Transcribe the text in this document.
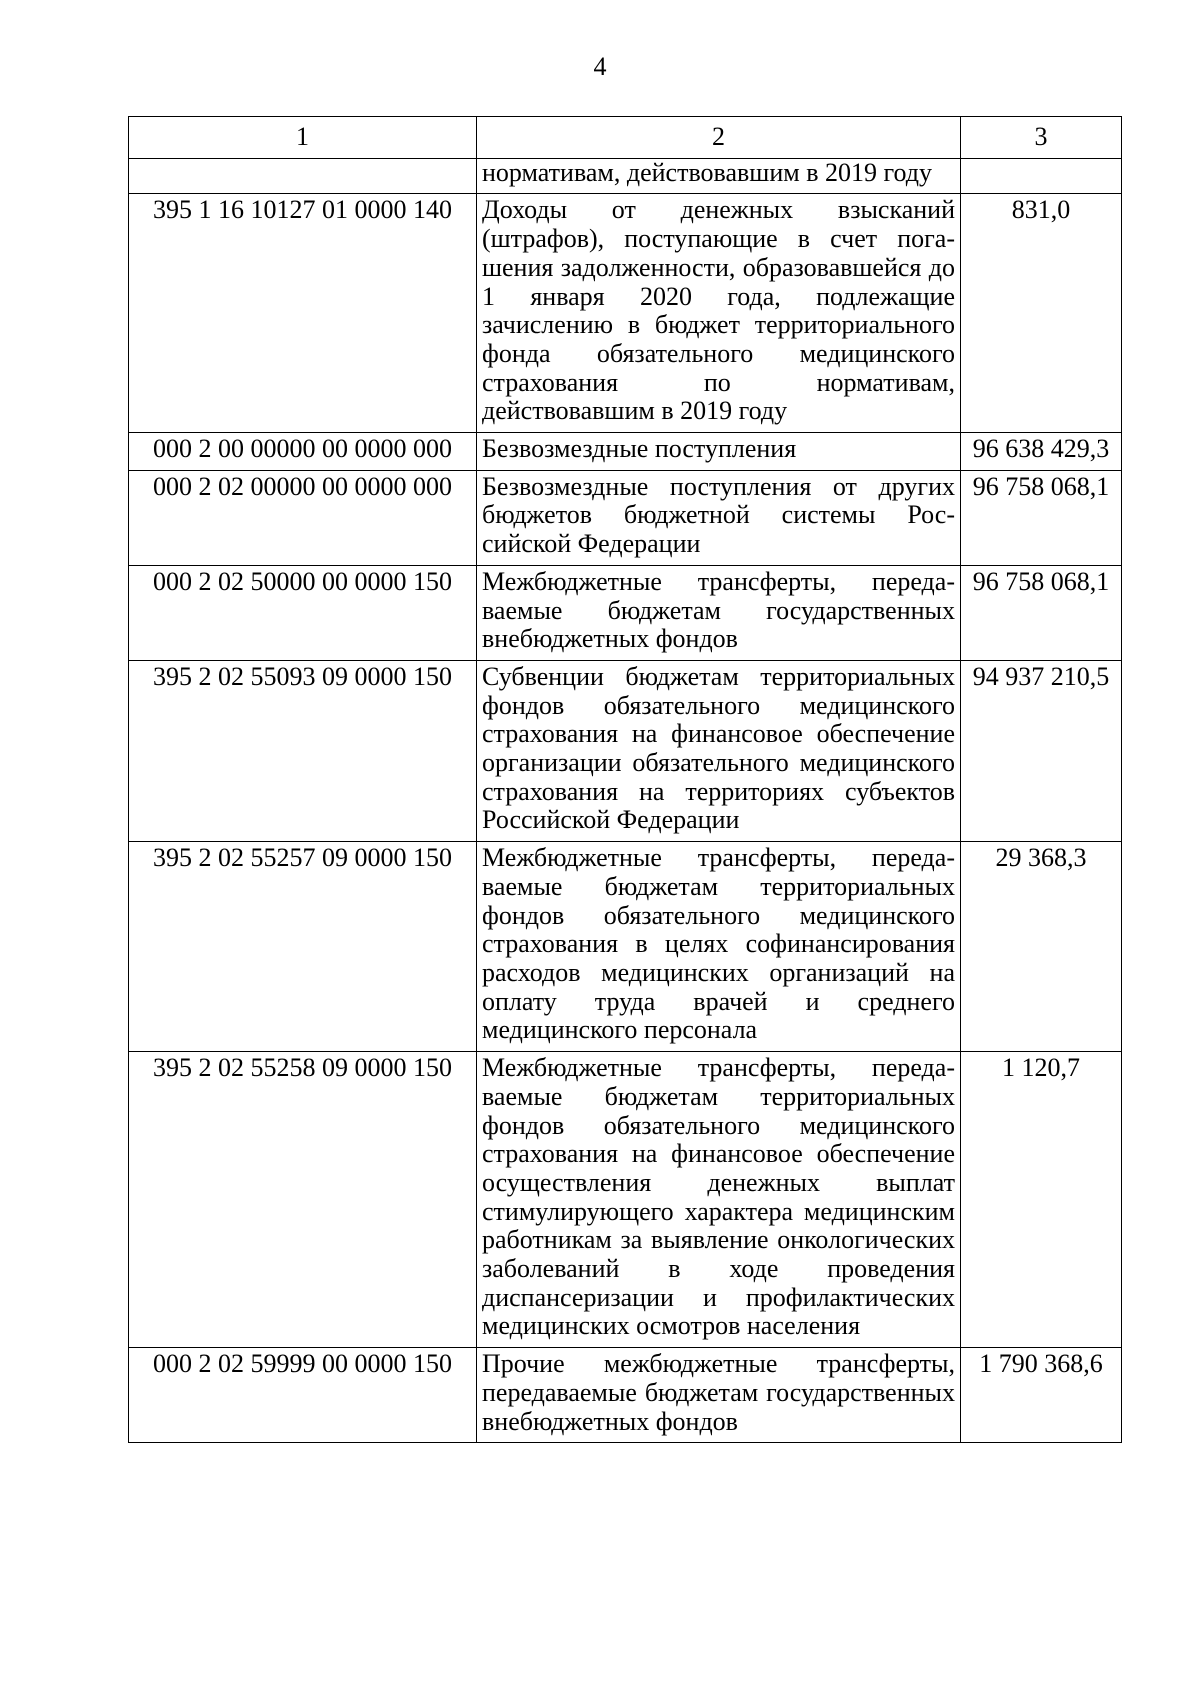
4
1	2	3
	нормативам, действовавшим в 2019 году	
395 1 16 10127 01 0000 140	Доходы от денежных взысканий (штрафов), поступающие в счет погашения задолженности, образовавшейся до 1 января 2020 года, подлежащие зачислению в бюджет территориального фонда обязательного медицинского страхования по нормативам, действовавшим в 2019 году	831,0
000 2 00 00000 00 0000 000	Безвозмездные поступления	96 638 429,3
000 2 02 00000 00 0000 000	Безвозмездные поступления от других бюджетов бюджетной системы Российской Федерации	96 758 068,1
000 2 02 50000 00 0000 150	Межбюджетные трансферты, передаваемые бюджетам государственных внебюджетных фондов	96 758 068,1
395 2 02 55093 09 0000 150	Субвенции бюджетам территориальных фондов обязательного медицинского страхования на финансовое обеспечение организации обязательного медицинского страхования на территориях субъектов Российской Федерации	94 937 210,5
395 2 02 55257 09 0000 150	Межбюджетные трансферты, передаваемые бюджетам территориальных фондов обязательного медицинского страхования в целях софинансирования расходов медицинских организаций на оплату труда врачей и среднего медицинского персонала	29 368,3
395 2 02 55258 09 0000 150	Межбюджетные трансферты, передаваемые бюджетам территориальных фондов обязательного медицинского страхования на финансовое обеспечение осуществления денежных выплат стимулирующего характера медицинским работникам за выявление онкологических заболеваний в ходе проведения диспансеризации и профилактических медицинских осмотров населения	1 120,7
000 2 02 59999 00 0000 150	Прочие межбюджетные трансферты, передаваемые бюджетам государственных внебюджетных фондов	1 790 368,6
